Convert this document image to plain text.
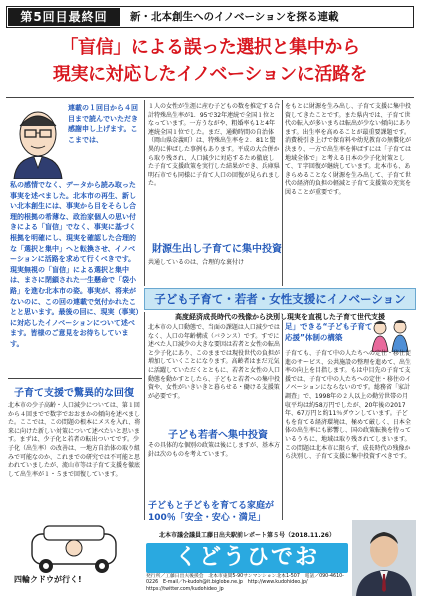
第5回目最終回	新・北本創生へのイノベーションを探る連載
「盲信」による誤った選択と集中から
現実に対応したイノベーションに活路を
連載の１回目から４回目まで読んでいただき感謝申し上げます。ここまでは、
私の感情でなく、データから読み取った事実を述べました。北本市の再生、新しい北本創生には、事実から目をそらし合理的根拠の希薄な、政治家個人の思い付きによる「盲信」でなく、事実に基づく根拠を明確にし、現実を確認した合理的な「選択と集中」へと転換させ、イノベーションに活路を求めて行くべきです。現実無視の「盲信」による選択と集中は、まさに閉鎖された一生懸命で「袋小路」を進む北本市の姿。事実が、将来がないのに、この回の連載で気付かれたことと思います。最後の回に、現実（事実）に対応したイノベーションについて述べます。皆様のご意見をお待ちしています。
子育て支援で驚異的な回復
北本市の少子高齢・人口減少については、第１回から４回までで数字でおおまかの傾向を述べました。ここでは、この問題の根本にメスを入れ、将来に向けた新しい対策について述べたいと思います。まずは、少子化と若者の転出ついてです。少子化（出生率）の改善は、一地方自治体の取り組みで可能なのか、これまでの研究では不可能と思われていましたが、流山市等は子育て支援を徹底して出生率が１・５まで回復しています。
１人の女性が生涯に産む子どもの数を推定する合計特殊出生率が1．95で32年連続で全国１位となっています。一方うながや、粗婚率も1と4年連続全国１位でした。まだ、通勤時間の自治体（岡山県奈義町）は、特殊出生率を２．81と驚異的に伸ばした事例もあります。平成の大合併から取り残され、人口減少に対応するため徹底した子育て支援政策を実行した結果ができ、兵庫県明石市でも同様に子育て人口の回復が見られました。
財源生出し子育てに集中投資
共通しているのは、合理的な裏付け
をもとに財源を生み出し、子育て支援に集中投資してきたことです。また県内では、子育て世代の転入が多いまちは転出が少ない傾向にあります。出生率を高めることが最重要課題です。消費税引き上げで保育料や幼児教育の無償化が決まり、一方で出生率を伸ばすには「子育ては地域全体で」と考える日本の少子化対策として、Ｔ字回復が継続しています。北本市も、あきらめることなく財源を生み出して、子育て世代の経済的負担の軽減と子育て支援策の充実を図ることが重要です。
子ども子育て・若者・女性支援にイノベーション
高度経済成長時代の残像から決別し現実を直視した子育て世代支援
北本市の人口動態で、当面の課題は人口減少ではなく、人口の年齢構成（バランス）です。すでに述べた人口減少の大きな要因は若者と女性の転出と少子化にあり、このままでは現役世代の負担が増加していくことになります。高齢者はまだ元気に活躍していただくとともに、若者と女性の人口動態を動かすとしたら、子どもと若者への集中投資や、女性がいきいきと暮らせる・働ける支援策が必要です。
子ども若者へ集中投資
その具体的な個別の政策は後にしますが、基本方針は次のものを考えています。
子どもと子どもを育てる家庭が100％「安全・安心・満足」
足」できる“子ども子育て応援”体制の構築
子育ても、子育て中の人たちへの定住・移住促進のサービス、公共施設の整理を進めて、出生率の向上を目指します。もは中目先の子育て支援では、子育て中の人たちへの定住・移住のイノベーションにならないのです。総務省「家計調査」で、1998年の２人以上の勤労世帯の月収平均は約58万円でしたが、20年後の2017年、67万円と約11％ダウンしています。子どもを育てる経済環境は、極めて厳しく、日本全体の出生率にも影響し、国の政策転換を待っているうちに、地域は取り残されてしまいます。この問題は北本市に限らず、成長時代の残像から決別し、子育て支援に集中投資すべきです。
四輪クドウが行く!
北本市議会議員工藤日出夫駅前レポート第５号（2018.11.26）
くどうひでお
発行所／工藤日出夫後援会　北本市東間5-90サンマンション北本1-507　電話／090-4610-0226　E-mail／h-kudoh@it.biglobe.ne.jp　http://www.kudohideo.jp/　https://twitter.com/kudohideo_jp
